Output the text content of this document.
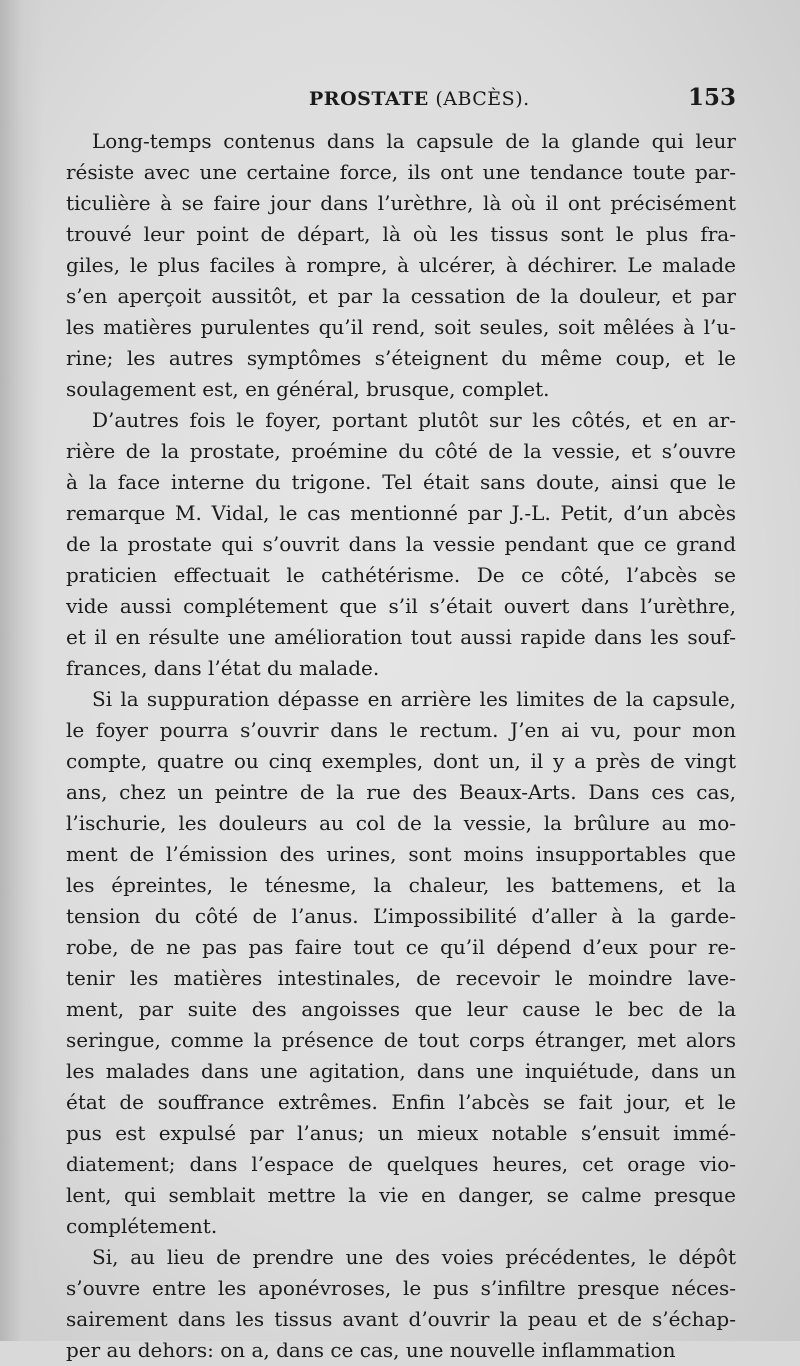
PROSTATE (ABCÈS).	153
Long-temps contenus dans la capsule de la glande qui leur
résiste avec une certaine force, ils ont une tendance toute par-
ticulière à se faire jour dans l’urèthre, là où il ont précisément
trouvé leur point de départ, là où les tissus sont le plus fra-
giles, le plus faciles à rompre, à ulcérer, à déchirer. Le malade
s’en aperçoit aussitôt, et par la cessation de la douleur, et par
les matières purulentes qu’il rend, soit seules, soit mêlées à l’u-
rine; les autres symptômes s’éteignent du même coup, et le
soulagement est, en général, brusque, complet.
D’autres fois le foyer, portant plutôt sur les côtés, et en ar-
rière de la prostate, proémine du côté de la vessie, et s’ouvre
à la face interne du trigone. Tel était sans doute, ainsi que le
remarque M. Vidal, le cas mentionné par J.-L. Petit, d’un abcès
de la prostate qui s’ouvrit dans la vessie pendant que ce grand
praticien effectuait le cathétérisme. De ce côté, l’abcès se
vide aussi complétement que s’il s’était ouvert dans l’urèthre,
et il en résulte une amélioration tout aussi rapide dans les souf-
frances, dans l’état du malade.
Si la suppuration dépasse en arrière les limites de la capsule,
le foyer pourra s’ouvrir dans le rectum. J’en ai vu, pour mon
compte, quatre ou cinq exemples, dont un, il y a près de vingt
ans, chez un peintre de la rue des Beaux-Arts. Dans ces cas,
l’ischurie, les douleurs au col de la vessie, la brûlure au mo-
ment de l’émission des urines, sont moins insupportables que
les épreintes, le ténesme, la chaleur, les battemens, et la
tension du côté de l’anus. L’impossibilité d’aller à la garde-
robe, de ne pas pas faire tout ce qu’il dépend d’eux pour re-
tenir les matières intestinales, de recevoir le moindre lave-
ment, par suite des angoisses que leur cause le bec de la
seringue, comme la présence de tout corps étranger, met alors
les malades dans une agitation, dans une inquiétude, dans un
état de souffrance extrêmes. Enfin l’abcès se fait jour, et le
pus est expulsé par l’anus; un mieux notable s’ensuit immé-
diatement; dans l’espace de quelques heures, cet orage vio-
lent, qui semblait mettre la vie en danger, se calme presque
complétement.
Si, au lieu de prendre une des voies précédentes, le dépôt
s’ouvre entre les aponévroses, le pus s’infiltre presque néces-
sairement dans les tissus avant d’ouvrir la peau et de s’échap-
per au dehors: on a, dans ce cas, une nouvelle inflammation
